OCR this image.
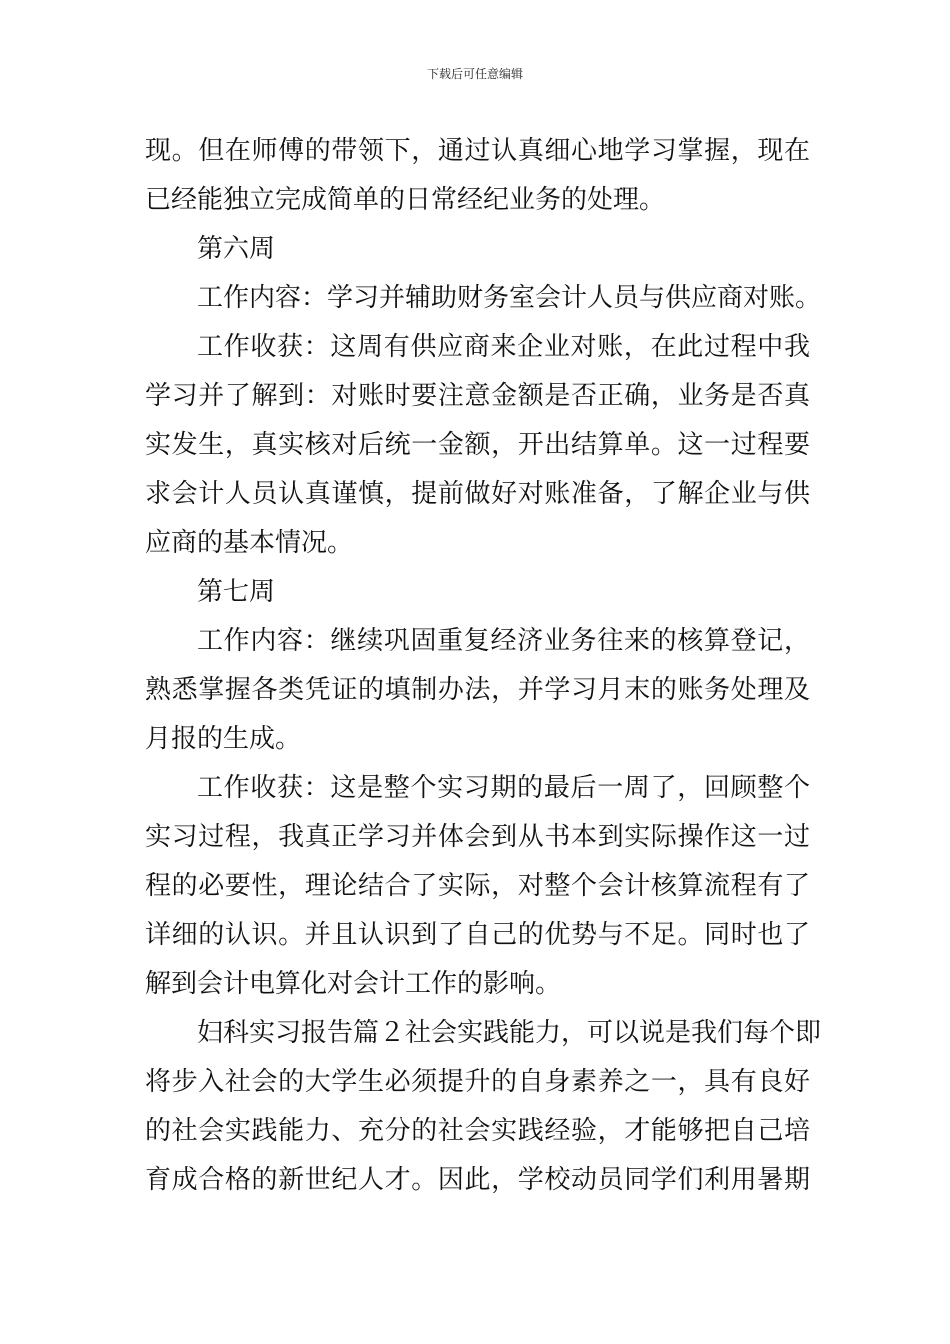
下载后可任意编辑
现。但在师傅的带领下，通过认真细心地学习掌握，现在
已经能独立完成简单的日常经纪业务的处理。
第六周
工作内容：学习并辅助财务室会计人员与供应商对账。
工作收获：这周有供应商来企业对账，在此过程中我
学习并了解到：对账时要注意金额是否正确，业务是否真
实发生，真实核对后统一金额，开出结算单。这一过程要
求会计人员认真谨慎，提前做好对账准备，了解企业与供
应商的基本情况。
第七周
工作内容：继续巩固重复经济业务往来的核算登记，
熟悉掌握各类凭证的填制办法，并学习月末的账务处理及
月报的生成。
工作收获：这是整个实习期的最后一周了，回顾整个
实习过程，我真正学习并体会到从书本到实际操作这一过
程的必要性，理论结合了实际，对整个会计核算流程有了
详细的认识。并且认识到了自己的优势与不足。同时也了
解到会计电算化对会计工作的影响。
妇科实习报告篇２社会实践能力，可以说是我们每个即
将步入社会的大学生必须提升的自身素养之一，具有良好
的社会实践能力、充分的社会实践经验，才能够把自己培
育成合格的新世纪人才。因此，学校动员同学们利用暑期
